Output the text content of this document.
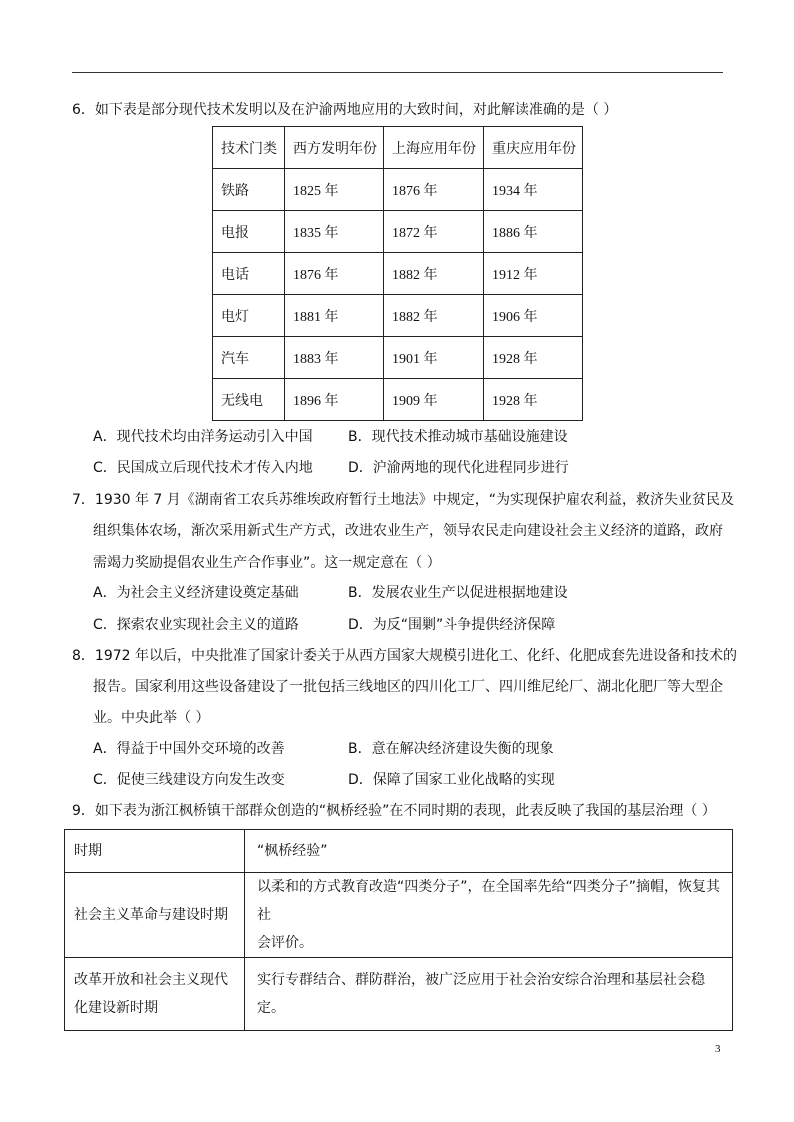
6．如下表是部分现代技术发明以及在沪渝两地应用的大致时间，对此解读准确的是（ ）
技术门类	西方发明年份	上海应用年份	重庆应用年份
铁路	1825 年	1876 年	1934 年
电报	1835 年	1872 年	1886 年
电话	1876 年	1882 年	1912 年
电灯	1881 年	1882 年	1906 年
汽车	1883 年	1901 年	1928 年
无线电	1896 年	1909 年	1928 年
A．现代技术均由洋务运动引入中国	B．现代技术推动城市基础设施建设
C．民国成立后现代技术才传入内地	D．沪渝两地的现代化进程同步进行
7．1930 年 7 月《湖南省工农兵苏维埃政府暂行土地法》中规定，“为实现保护雇农利益，救济失业贫民及
组织集体农场，渐次采用新式生产方式，改进农业生产，领导农民走向建设社会主义经济的道路，政府
需竭力奖励提倡农业生产合作事业”。这一规定意在（ ）
A．为社会主义经济建设奠定基础	B．发展农业生产以促进根据地建设
C．探索农业实现社会主义的道路	D．为反“围剿”斗争提供经济保障
8．1972 年以后，中央批准了国家计委关于从西方国家大规模引进化工、化纤、化肥成套先进设备和技术的
报告。国家利用这些设备建设了一批包括三线地区的四川化工厂、四川维尼纶厂、湖北化肥厂等大型企
业。中央此举（ ）
A．得益于中国外交环境的改善	B．意在解决经济建设失衡的现象
C．促使三线建设方向发生改变	D．保障了国家工业化战略的实现
9．如下表为浙江枫桥镇干部群众创造的“枫桥经验”在不同时期的表现，此表反映了我国的基层治理（ ）
时期	“枫桥经验”
社会主义革命与建设时期	以柔和的方式教育改造“四类分子”，在全国率先给“四类分子”摘帽，恢复其社
会评价。

改革开放和社会主义现代
化建设新时期	实行专群结合、群防群治，被广泛应用于社会治安综合治理和基层社会稳定。
3
